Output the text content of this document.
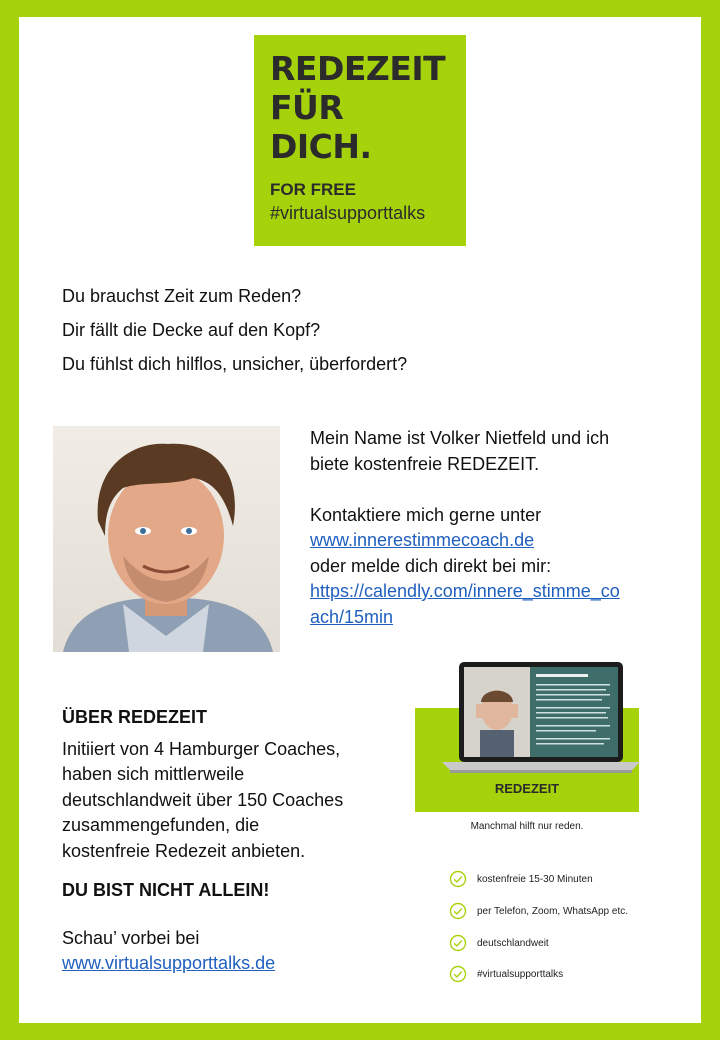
REDEZEIT
FÜR DICH.
FOR FREE
#virtualsupporttalks
Du brauchst Zeit zum Reden?
Dir fällt die Decke auf den Kopf?
Du fühlst dich hilflos, unsicher, überfordert?

Mein Name ist Volker Nietfeld und ich

biete kostenfreie REDEZEIT.

Kontaktiere mich gerne unter

www.innerestimmecoach.de

oder melde dich direkt bei mir:

https://calendly.com/innere_stimme_co

ach/15min

ÜBER REDEZEIT
Initiiert von 4 Hamburger Coaches,
haben sich mittlerweile
deutschlandweit über 150 Coaches
zusammengefunden, die
kostenfreie Redezeit anbieten.
DU BIST NICHT ALLEIN!
Schau’ vorbei bei
www.virtualsupporttalks.de
REDEZEIT
Manchmal hilft nur reden.
kostenfreie 15-30 Minuten
per Telefon, Zoom, WhatsApp etc.
deutschlandweit
#virtualsupporttalks
